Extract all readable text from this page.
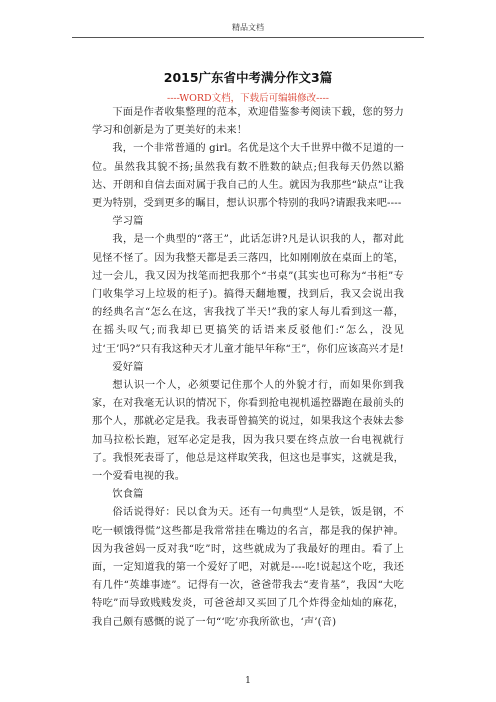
精品文档
2015广东省中考满分作文3篇
----WORD文档，下载后可编辑修改----

下面是作者收集整理的范本，欢迎借鉴参考阅读下载，您的努力学习和创新是为了更美好的未来！

我，一个非常普通的 girl。名优是这个大千世界中微不足道的一位。虽然我其貌不扬;虽然我有数不胜数的缺点;但我每天仍然以豁达、开朗和自信去面对属于我自己的人生。就因为我那些“缺点”让我更为特别，受到更多的瞩目，想认识那个特别的我吗?请跟我来吧----

学习篇

我，是一个典型的“落王”，此话怎讲?凡是认识我的人，都对此见怪不怪了。因为我整天都是丢三落四，比如刚刚放在桌面上的笔，过一会儿，我又因为找笔而把我那个“书桌”(其实也可称为“书柜”专门收集学习上垃圾的柜子)。搞得天翻地覆，找到后，我又会说出我的经典名言“怎么在这，害我找了半天!”我的家人每儿看到这一幕，在摇头叹气;而我却已更搞笑的话语来反驳他们:“怎么，没见过‘王’吗?”只有我这种天才儿童才能早年称“王”，你们应该高兴才是!

爱好篇

想认识一个人，必须要记住那个人的外貌才行，而如果你到我家，在对我毫无认识的情况下，你看到抢电视机遥控器跑在最前头的那个人，那就必定是我。我表哥曾搞笑的说过，如果我这个表妹去参加马拉松长跑，冠军必定是我，因为我只要在终点放一台电视就行了。我恨死表哥了，他总是这样取笑我，但这也是事实，这就是我，一个爱看电视的我。

饮食篇

俗话说得好：民以食为天。还有一句典型“人是铁，饭是钢，不吃一顿饿得慌”这些都是我常常挂在嘴边的名言，都是我的保护神。因为我爸妈一反对我“吃”时，这些就成为了我最好的理由。看了上面，一定知道我的第一个爱好了吧，对就是----吃!说起这个吃，我还有几件“英雄事迹”。记得有一次，爸爸带我去“麦肯基”，我因“大吃特吃”而导致贱贱发炎，可爸爸却又买回了几个炸得金灿灿的麻花，我自己颇有感慨的说了一句“‘吃’亦我所欲也，‘声’(音)

1
